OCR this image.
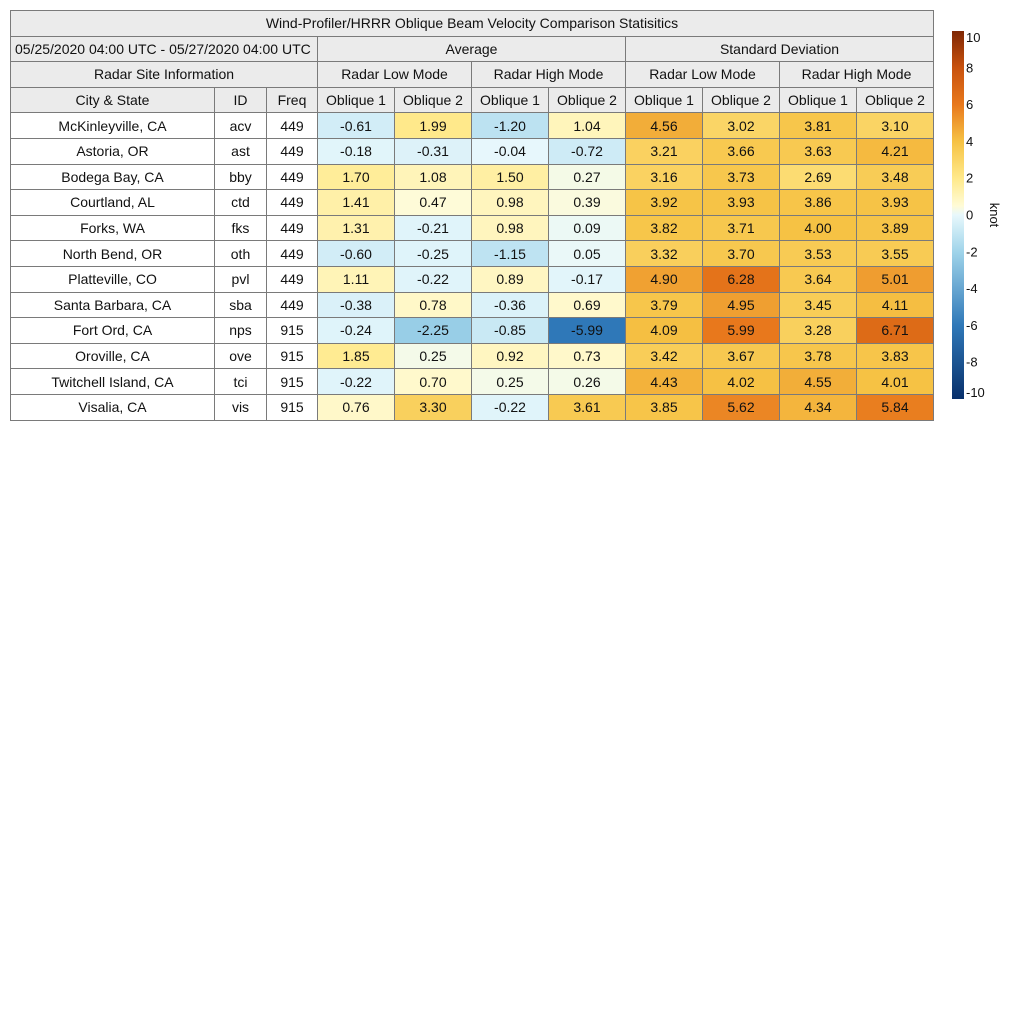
Wind-Profiler/HRRR Oblique Beam Velocity Comparison Statisitics										
05/25/2020 04:00 UTC - 05/27/2020 04:00 UTC			Average				Standard Deviation			
Radar Site Information			Radar Low Mode		Radar High Mode		Radar Low Mode		Radar High Mode	
City & State	ID	Freq	Oblique 1	Oblique 2	Oblique 1	Oblique 2	Oblique 1	Oblique 2	Oblique 1	Oblique 2
McKinleyville, CA	acv	449	-0.61	1.99	-1.20	1.04	4.56	3.02	3.81	3.10
Astoria, OR	ast	449	-0.18	-0.31	-0.04	-0.72	3.21	3.66	3.63	4.21
Bodega Bay, CA	bby	449	1.70	1.08	1.50	0.27	3.16	3.73	2.69	3.48
Courtland, AL	ctd	449	1.41	0.47	0.98	0.39	3.92	3.93	3.86	3.93
Forks, WA	fks	449	1.31	-0.21	0.98	0.09	3.82	3.71	4.00	3.89
North Bend, OR	oth	449	-0.60	-0.25	-1.15	0.05	3.32	3.70	3.53	3.55
Platteville, CO	pvl	449	1.11	-0.22	0.89	-0.17	4.90	6.28	3.64	5.01
Santa Barbara, CA	sba	449	-0.38	0.78	-0.36	0.69	3.79	4.95	3.45	4.11
Fort Ord, CA	nps	915	-0.24	-2.25	-0.85	-5.99	4.09	5.99	3.28	6.71
Oroville, CA	ove	915	1.85	0.25	0.92	0.73	3.42	3.67	3.78	3.83
Twitchell Island, CA	tci	915	-0.22	0.70	0.25	0.26	4.43	4.02	4.55	4.01
Visalia, CA	vis	915	0.76	3.30	-0.22	3.61	3.85	5.62	4.34	5.84
10
8
6
4
2
0
-2
-4
-6
-8
-10
knot
